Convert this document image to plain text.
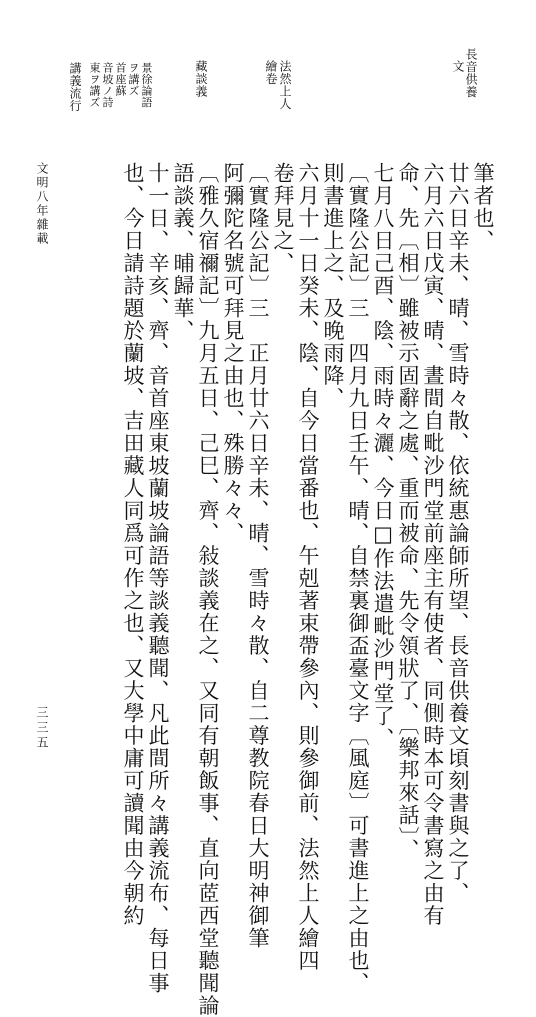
長音供養
文
法然上人
繪卷
藏談義
景徐論語
ヲ講ズ
首座蘇
音坡ノ詩
東ヲ講ズ
講義流行
筆者也、
廿六日辛未、晴、雪時々散、依統惠論師所望、長音供養文頃刻書與之了、
六月六日戊寅、晴、晝間自毗沙門堂前座主有使者、同側時本可令書寫之由有
命、先〔相〕雖被示固辭之處、重而被命、先令領狀了、〔樂邦來話〕、
七月八日己酉、陰、雨時々灑、今日□作法遣毗沙門堂了、
〔實隆公記〕三　四月九日壬午、晴、自禁裏御盃臺文字〔風庭〕可書進上之由也、
則書進上之、及晚雨降、
六月十一日癸未、陰、自今日當番也、午剋著束帶參內、則參御前、法然上人繪四
卷拜見之、
〔實隆公記〕三　正月廿六日辛未、晴、雪時々散、自二尊教院春日大明神御筆
阿彌陀名號可拜見之由也、殊勝々々、
〔雅久宿禰記〕九月五日、己巳、齊、敍談義在之、又同有朝飯事、直向茝西堂聽聞論
語談義、晡歸華、
十一日、辛亥、齊、音首座東坡蘭坡論語等談義聽聞、凡此間所々講義流布、每日事
也、今日請詩題於蘭坡、吉田藏人同爲可作之也、又大學中庸可讀聞由今朝約
文明八年雜載
三三五
